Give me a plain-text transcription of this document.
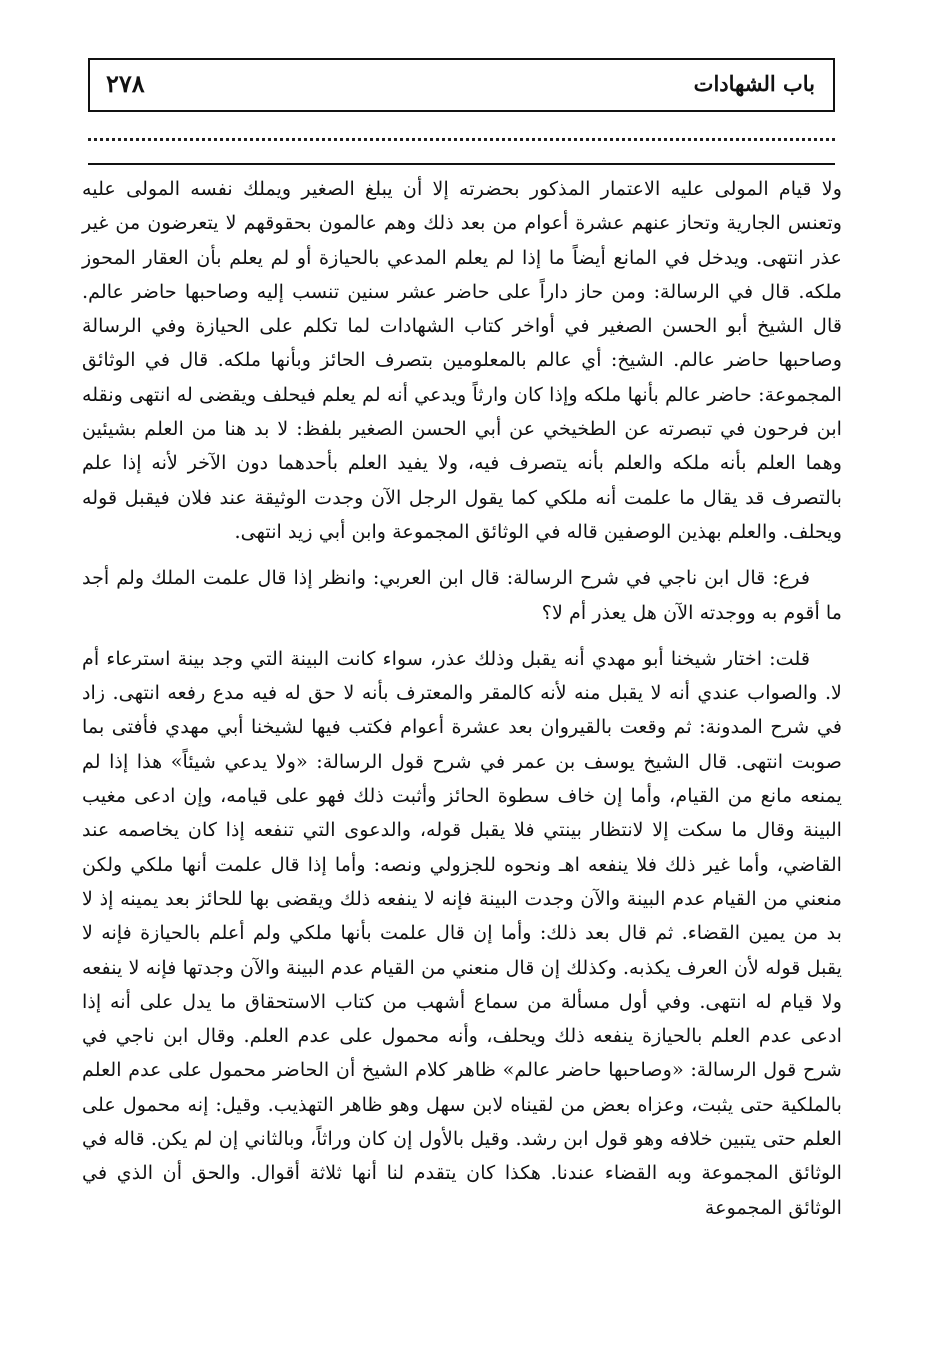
٢٧٨	باب الشهادات

ولا قيام المولى عليه الاعتمار المذكور بحضرته إلا أن يبلغ الصغير ويملك نفسه المولى عليه وتعنس الجارية وتحاز عنهم عشرة أعوام من بعد ذلك وهم عالمون بحقوقهم لا يتعرضون من غير عذر انتهى. ويدخل في المانع أيضاً ما إذا لم يعلم المدعي بالحيازة أو لم يعلم بأن العقار المحوز ملكه. قال في الرسالة: ومن حاز داراً على حاضر عشر سنين تنسب إليه وصاحبها حاضر عالم. قال الشيخ أبو الحسن الصغير في أواخر كتاب الشهادات لما تكلم على الحيازة وفي الرسالة وصاحبها حاضر عالم. الشيخ: أي عالم بالمعلومين بتصرف الحائز وبأنها ملكه. قال في الوثائق المجموعة: حاضر عالم بأنها ملكه وإذا كان وارثاً ويدعي أنه لم يعلم فيحلف ويقضى له انتهى ونقله ابن فرحون في تبصرته عن الطخيخي عن أبي الحسن الصغير بلفظ: لا بد هنا من العلم بشيئين وهما العلم بأنه ملكه والعلم بأنه يتصرف فيه، ولا يفيد العلم بأحدهما دون الآخر لأنه إذا علم بالتصرف قد يقال ما علمت أنه ملكي كما يقول الرجل الآن وجدت الوثيقة عند فلان فيقبل قوله ويحلف. والعلم بهذين الوصفين قاله في الوثائق المجموعة وابن أبي زيد انتهى.

فرع: قال ابن ناجي في شرح الرسالة: قال ابن العربي: وانظر إذا قال علمت الملك ولم أجد ما أقوم به ووجدته الآن هل يعذر أم لا؟

قلت: اختار شيخنا أبو مهدي أنه يقبل وذلك عذر، سواء كانت البينة التي وجد بينة استرعاء أم لا. والصواب عندي أنه لا يقبل منه لأنه كالمقر والمعترف بأنه لا حق له فيه مدع رفعه انتهى. زاد في شرح المدونة: ثم وقعت بالقيروان بعد عشرة أعوام فكتب فيها لشيخنا أبي مهدي فأفتى بما صوبت انتهى. قال الشيخ يوسف بن عمر في شرح قول الرسالة: «ولا يدعي شيئاً» هذا إذا لم يمنعه مانع من القيام، وأما إن خاف سطوة الحائز وأثبت ذلك فهو على قيامه، وإن ادعى مغيب البينة وقال ما سكت إلا لانتظار بينتي فلا يقبل قوله، والدعوى التي تنفعه إذا كان يخاصمه عند القاضي، وأما غير ذلك فلا ينفعه اهـ ونحوه للجزولي ونصه: وأما إذا قال علمت أنها ملكي ولكن منعني من القيام عدم البينة والآن وجدت البينة فإنه لا ينفعه ذلك ويقضى بها للحائز بعد يمينه إذ لا بد من يمين القضاء. ثم قال بعد ذلك: وأما إن قال علمت بأنها ملكي ولم أعلم بالحيازة فإنه لا يقبل قوله لأن العرف يكذبه. وكذلك إن قال منعني من القيام عدم البينة والآن وجدتها فإنه لا ينفعه ولا قيام له انتهى. وفي أول مسألة من سماع أشهب من كتاب الاستحقاق ما يدل على أنه إذا ادعى عدم العلم بالحيازة ينفعه ذلك ويحلف، وأنه محمول على عدم العلم. وقال ابن ناجي في شرح قول الرسالة: «وصاحبها حاضر عالم» ظاهر كلام الشيخ أن الحاضر محمول على عدم العلم بالملكية حتى يثبت، وعزاه بعض من لقيناه لابن سهل وهو ظاهر التهذيب. وقيل: إنه محمول على العلم حتى يتبين خلافه وهو قول ابن رشد. وقيل بالأول إن كان وراثاً، وبالثاني إن لم يكن. قاله في الوثائق المجموعة وبه القضاء عندنا. هكذا كان يتقدم لنا أنها ثلاثة أقوال. والحق أن الذي في الوثائق المجموعة
